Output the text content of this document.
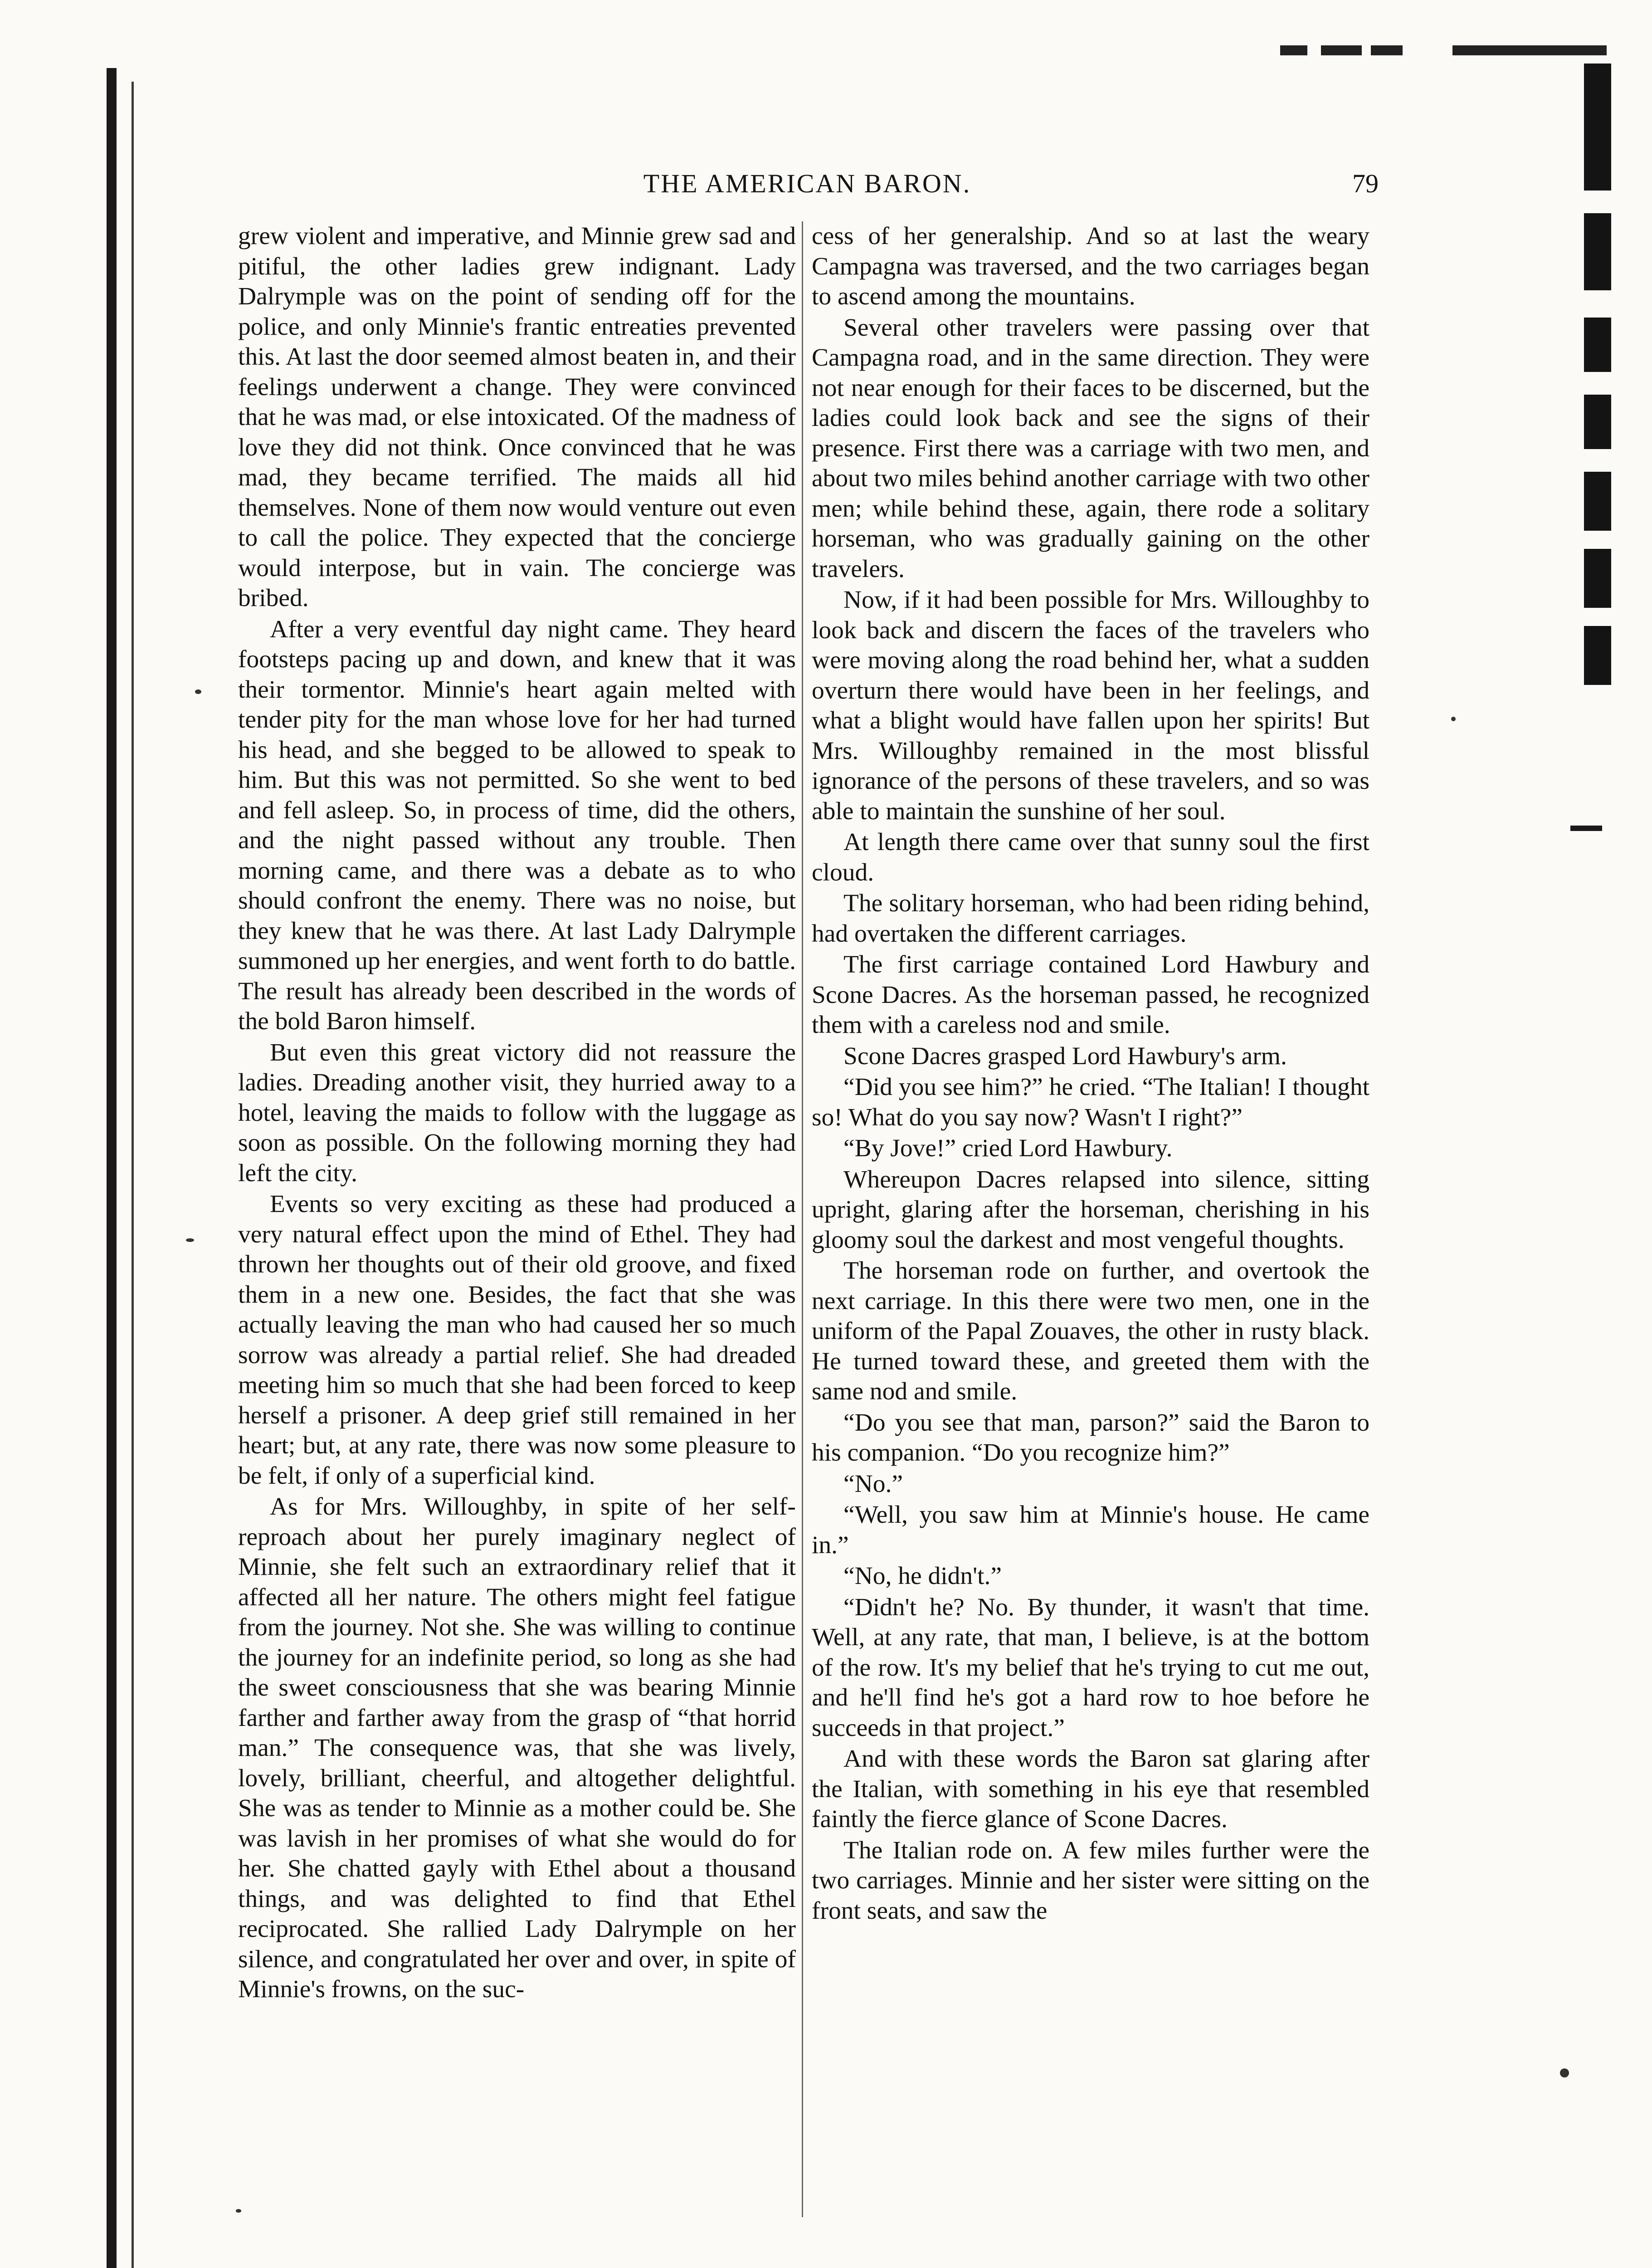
THE AMERICAN BARON.	79

grew violent and imperative, and Minnie grew sad and pitiful, the other ladies grew indignant. Lady Dalrymple was on the point of sending off for the police, and only Minnie's frantic entreaties prevented this. At last the door seemed almost beaten in, and their feelings underwent a change. They were convinced that he was mad, or else intoxicated. Of the madness of love they did not think. Once convinced that he was mad, they became terrified. The maids all hid themselves. None of them now would venture out even to call the police. They expected that the concierge would interpose, but in vain. The concierge was bribed.

After a very eventful day night came. They heard footsteps pacing up and down, and knew that it was their tormentor. Minnie's heart again melted with tender pity for the man whose love for her had turned his head, and she begged to be allowed to speak to him. But this was not permitted. So she went to bed and fell asleep. So, in process of time, did the others, and the night passed without any trouble. Then morning came, and there was a debate as to who should confront the enemy. There was no noise, but they knew that he was there. At last Lady Dalrymple summoned up her energies, and went forth to do battle. The result has already been described in the words of the bold Baron himself.

But even this great victory did not reassure the ladies. Dreading another visit, they hurried away to a hotel, leaving the maids to follow with the luggage as soon as possible. On the following morning they had left the city.

Events so very exciting as these had produced a very natural effect upon the mind of Ethel. They had thrown her thoughts out of their old groove, and fixed them in a new one. Besides, the fact that she was actually leaving the man who had caused her so much sorrow was already a partial relief. She had dreaded meeting him so much that she had been forced to keep herself a prisoner. A deep grief still remained in her heart; but, at any rate, there was now some pleasure to be felt, if only of a superficial kind.

As for Mrs. Willoughby, in spite of her self-reproach about her purely imaginary neglect of Minnie, she felt such an extraordinary relief that it affected all her nature. The others might feel fatigue from the journey. Not she. She was willing to continue the journey for an indefinite period, so long as she had the sweet consciousness that she was bearing Minnie farther and farther away from the grasp of “that horrid man.” The consequence was, that she was lively, lovely, brilliant, cheerful, and altogether delightful. She was as tender to Minnie as a mother could be. She was lavish in her promises of what she would do for her. She chatted gayly with Ethel about a thousand things, and was delighted to find that Ethel reciprocated. She rallied Lady Dalrymple on her silence, and congratulated her over and over, in spite of Minnie's frowns, on the suc-

cess of her generalship. And so at last the weary Campagna was traversed, and the two carriages began to ascend among the mountains.

Several other travelers were passing over that Campagna road, and in the same direction. They were not near enough for their faces to be discerned, but the ladies could look back and see the signs of their presence. First there was a carriage with two men, and about two miles behind another carriage with two other men; while behind these, again, there rode a solitary horseman, who was gradually gaining on the other travelers.

Now, if it had been possible for Mrs. Willoughby to look back and discern the faces of the travelers who were moving along the road behind her, what a sudden overturn there would have been in her feelings, and what a blight would have fallen upon her spirits! But Mrs. Willoughby remained in the most blissful ignorance of the persons of these travelers, and so was able to maintain the sunshine of her soul.

At length there came over that sunny soul the first cloud.

The solitary horseman, who had been riding behind, had overtaken the different carriages.

The first carriage contained Lord Hawbury and Scone Dacres. As the horseman passed, he recognized them with a careless nod and smile.

Scone Dacres grasped Lord Hawbury's arm.

“Did you see him?” he cried. “The Italian! I thought so! What do you say now? Wasn't I right?”

“By Jove!” cried Lord Hawbury.

Whereupon Dacres relapsed into silence, sitting upright, glaring after the horseman, cherishing in his gloomy soul the darkest and most vengeful thoughts.

The horseman rode on further, and overtook the next carriage. In this there were two men, one in the uniform of the Papal Zouaves, the other in rusty black. He turned toward these, and greeted them with the same nod and smile.

“Do you see that man, parson?” said the Baron to his companion. “Do you recognize him?”

“No.”

“Well, you saw him at Minnie's house. He came in.”

“No, he didn't.”

“Didn't he? No. By thunder, it wasn't that time. Well, at any rate, that man, I believe, is at the bottom of the row. It's my belief that he's trying to cut me out, and he'll find he's got a hard row to hoe before he succeeds in that project.”

And with these words the Baron sat glaring after the Italian, with something in his eye that resembled faintly the fierce glance of Scone Dacres.

The Italian rode on. A few miles further were the two carriages. Minnie and her sister were sitting on the front seats, and saw the
